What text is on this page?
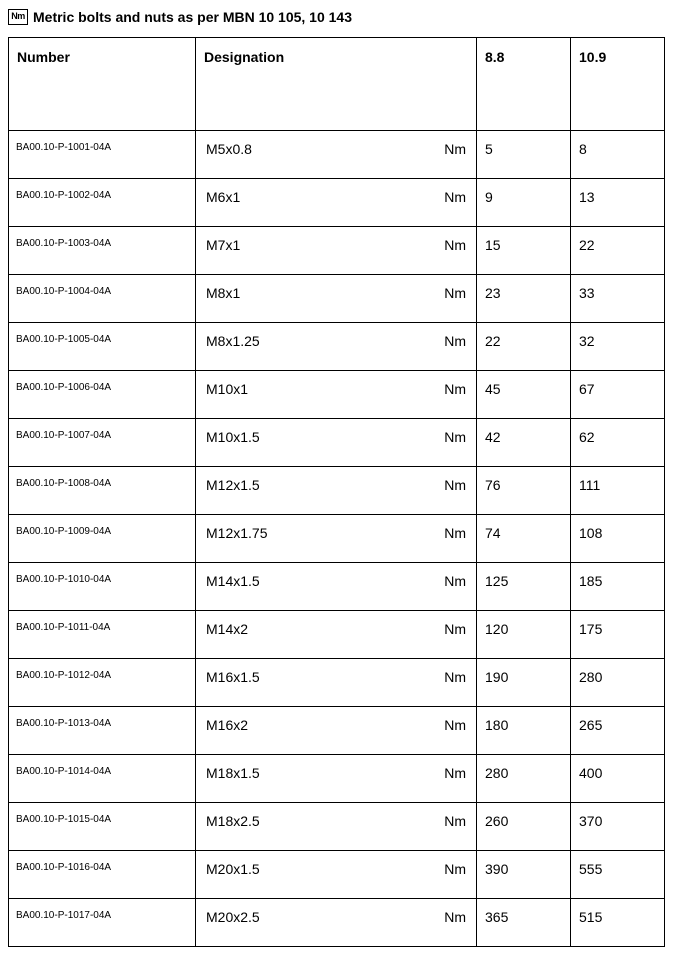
Nm Metric bolts and nuts as per MBN 10 105, 10 143
Number	Designation	8.8	10.9

BA00.10-P-1001-04A	M5x0.8 Nm	5	8

BA00.10-P-1002-04A	M6x1 Nm	9	13

BA00.10-P-1003-04A	M7x1 Nm	15	22

BA00.10-P-1004-04A	M8x1 Nm	23	33

BA00.10-P-1005-04A	M8x1.25 Nm	22	32

BA00.10-P-1006-04A	M10x1 Nm	45	67

BA00.10-P-1007-04A	M10x1.5 Nm	42	62

BA00.10-P-1008-04A	M12x1.5 Nm	76	111

BA00.10-P-1009-04A	M12x1.75 Nm	74	108

BA00.10-P-1010-04A	M14x1.5 Nm	125	185

BA00.10-P-1011-04A	M14x2 Nm	120	175

BA00.10-P-1012-04A	M16x1.5 Nm	190	280

BA00.10-P-1013-04A	M16x2 Nm	180	265

BA00.10-P-1014-04A	M18x1.5 Nm	280	400

BA00.10-P-1015-04A	M18x2.5 Nm	260	370

BA00.10-P-1016-04A	M20x1.5 Nm	390	555

BA00.10-P-1017-04A	M20x2.5 Nm	365	515
